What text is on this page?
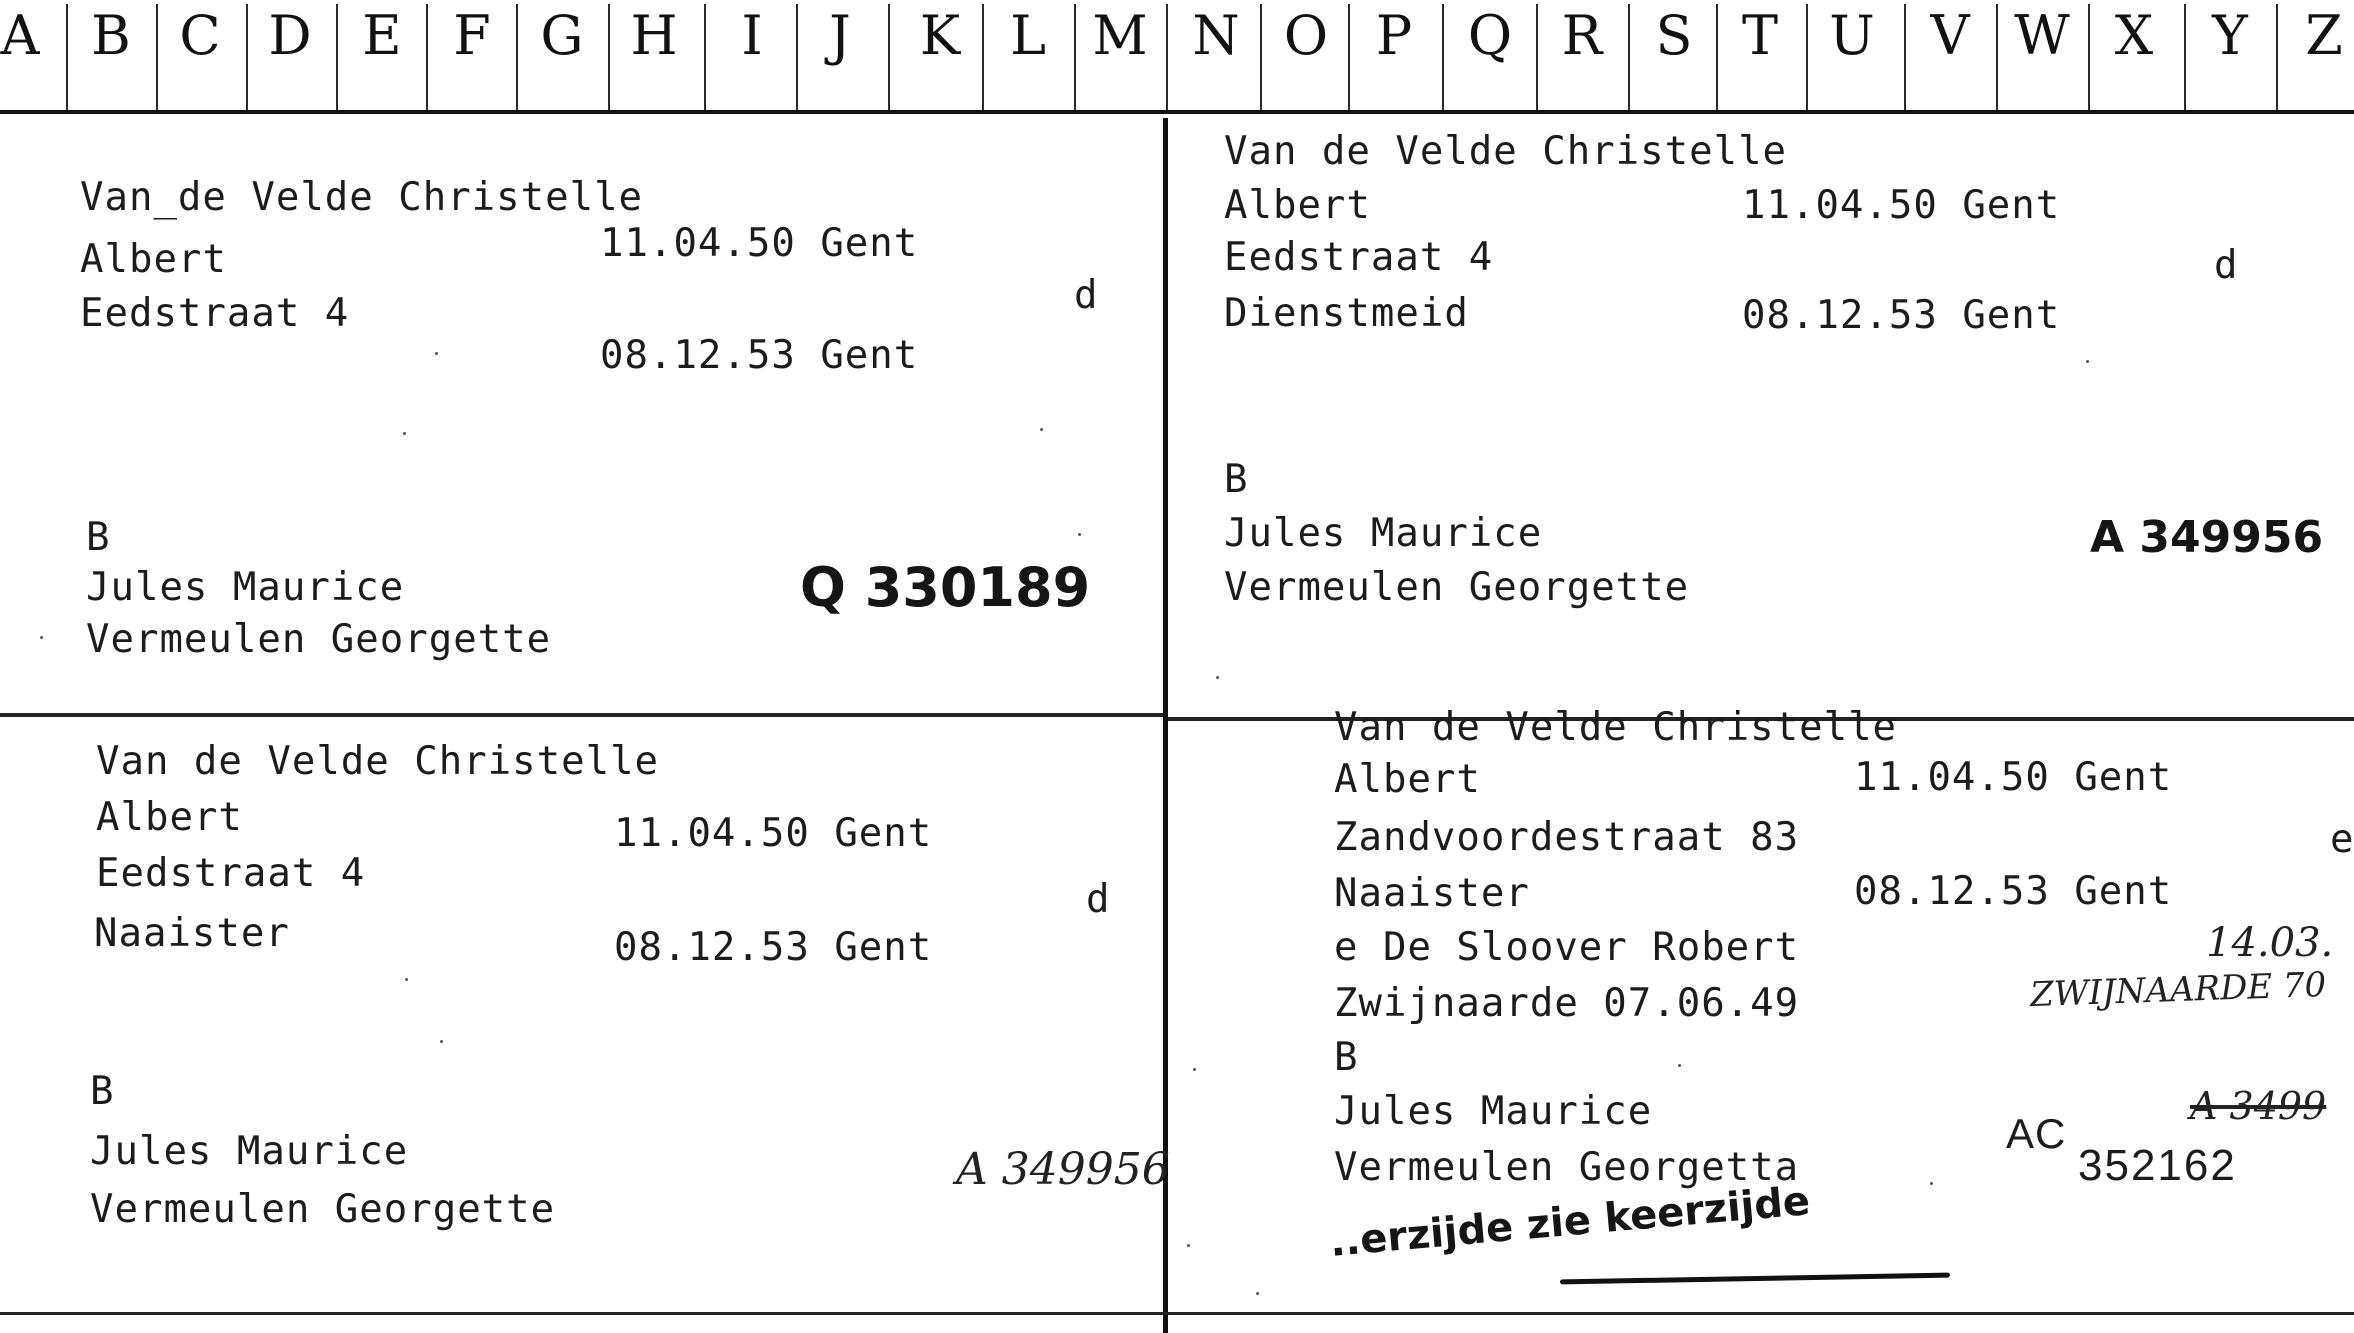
A B C D E F G H	I	J	K L M N O P	Q R S T U	V W X	Y	Z
Van_de Velde Christelle
Albert	11.04.50 Gent
Eedstraat 4	d
08.12.53 Gent
B
Jules Maurice
Vermeulen Georgette
Q 330189
Van de Velde Christelle
Albert	11.04.50 Gent
Eedstraat 4	d
Dienstmeid	08.12.53 Gent
B
Jules Maurice	A 349956
Vermeulen Georgette
Van de Velde Christelle
Albert	11.04.50 Gent
Eedstraat 4
Naaister
d
08.12.53 Gent
B
Jules Maurice	A 349956
Vermeulen Georgette
Van de Velde Christelle
Albert	11.04.50 Gent
Zandvoordestraat 83	e
Naaister	08.12.53 Gent
e De Sloover Robert	14.03.
Zwijnaarde 07.06.49	ZWIJNAARDE 70
B
Jules Maurice	A 3499
Vermeulen Georgetta
AC
352162
..erzijde zie keerzijde
